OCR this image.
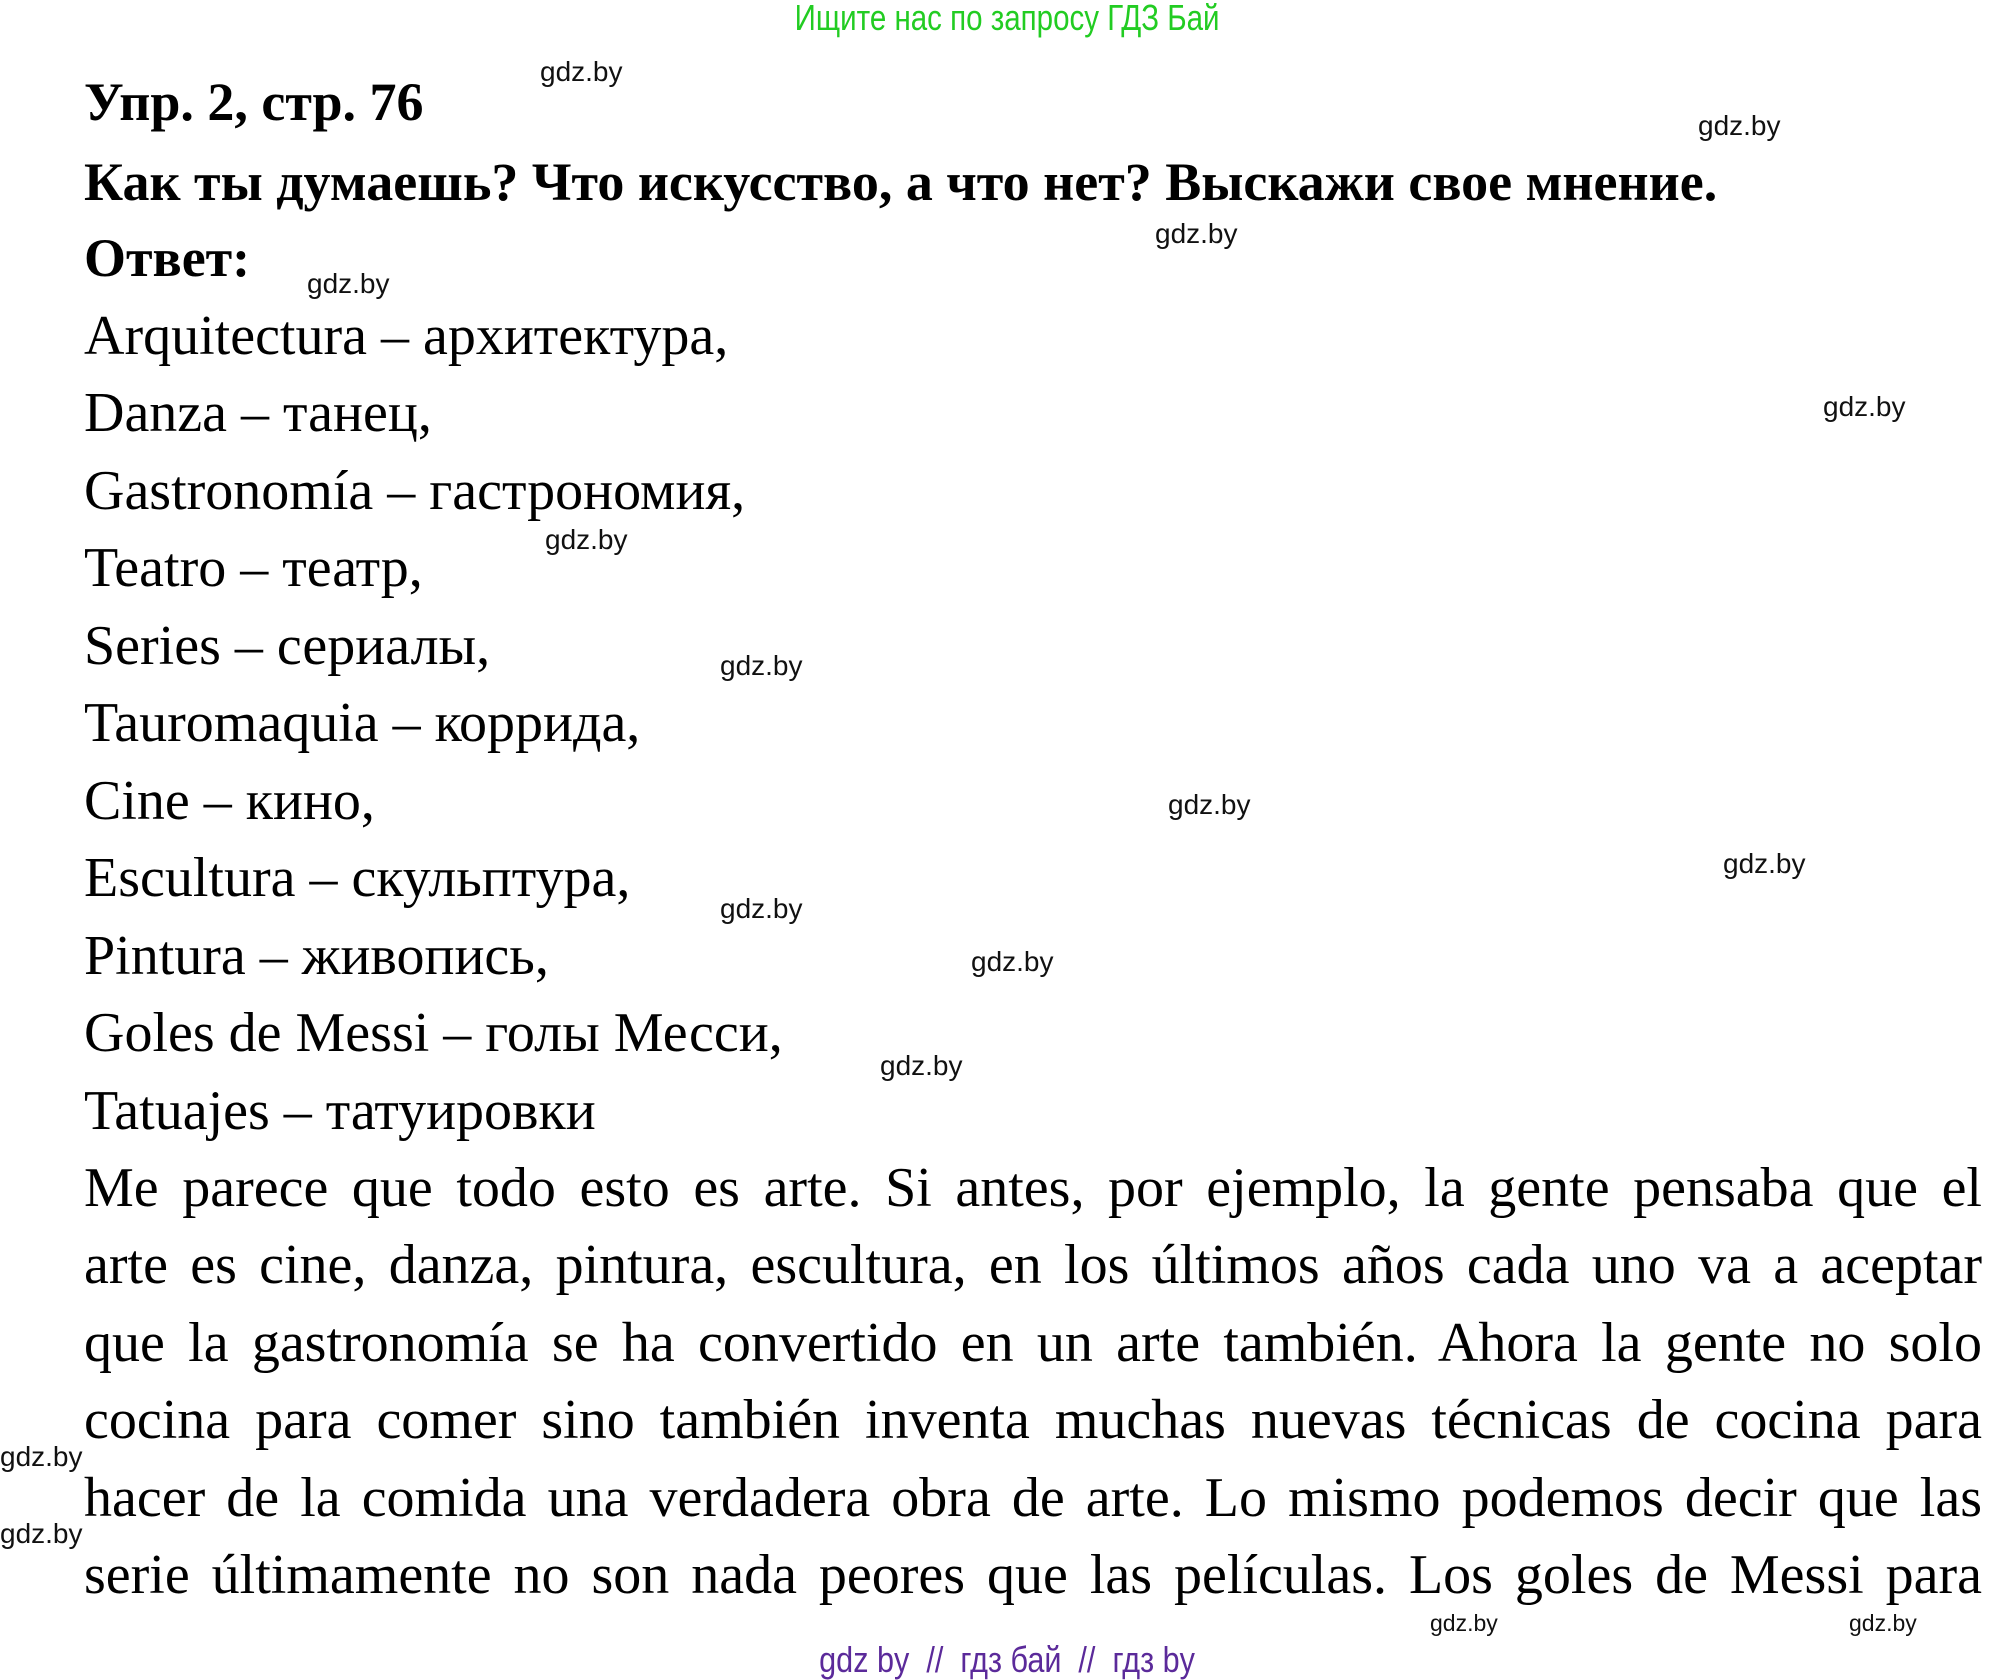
Ищите нас по запросу ГДЗ Бай
Упр. 2, стр. 76
Как ты думаешь? Что искусство, а что нет? Выскажи свое мнение.
Ответ:
Arquitectura – архитектура,
Danza – танец,
Gastronomía – гастрономия,
Teatro – театр,
Series – сериалы,
Tauromaquia – коррида,
Cine – кино,
Escultura – скульптура,
Pintura – живопись,
Goles de Messi – голы Месси,
Tatuajes – татуировки
Me parece que todo esto es arte. Si antes, por ejemplo, la gente pensaba que el
arte es cine, danza, pintura, escultura, en los últimos años cada uno va a aceptar
que la gastronomía se ha convertido en un arte también. Ahora la gente no solo
cocina para comer sino también inventa muchas nuevas técnicas de cocina para
hacer de la comida una verdadera obra de arte. Lo mismo podemos decir que las
serie últimamente no son nada peores que las películas. Los goles de Messi para
gdz.by
gdz.by
gdz.by
gdz.by
gdz.by
gdz.by
gdz.by
gdz.by
gdz.by
gdz.by
gdz.by
gdz.by
gdz.by
gdz.by
gdz.by
gdz.by
gdz by  //  гдз бай  //  гдз by
